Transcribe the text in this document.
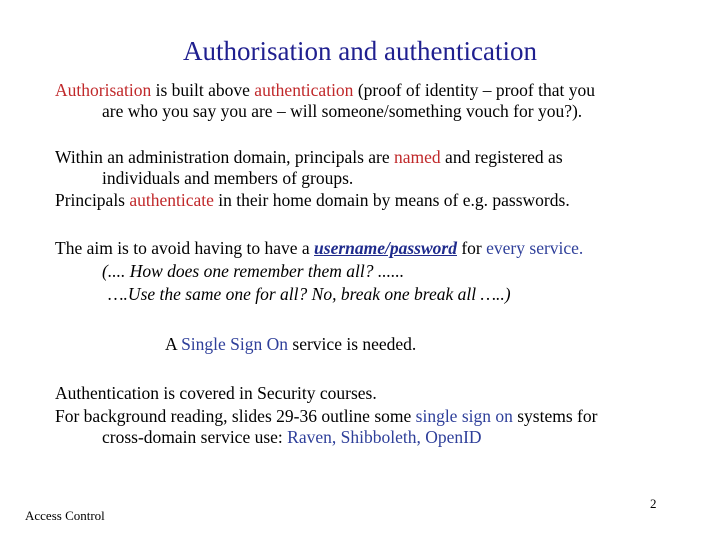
Authorisation and authentication
Authorisation is built above authentication (proof of identity – proof that you
are who you say you are – will someone/something vouch for you?).
Within an administration domain, principals are named and registered as
individuals and members of groups.
Principals authenticate in their home domain by means of e.g. passwords.
The aim is to avoid having to have a username/password for every service.
(.... How does one remember them all? ......
….Use the same one for all? No, break one break all …..)
A Single Sign On service is needed.
Authentication is covered in Security courses.
For background reading, slides 29-36 outline some single sign on systems for
cross-domain service use: Raven, Shibboleth, OpenID
Access Control
2
